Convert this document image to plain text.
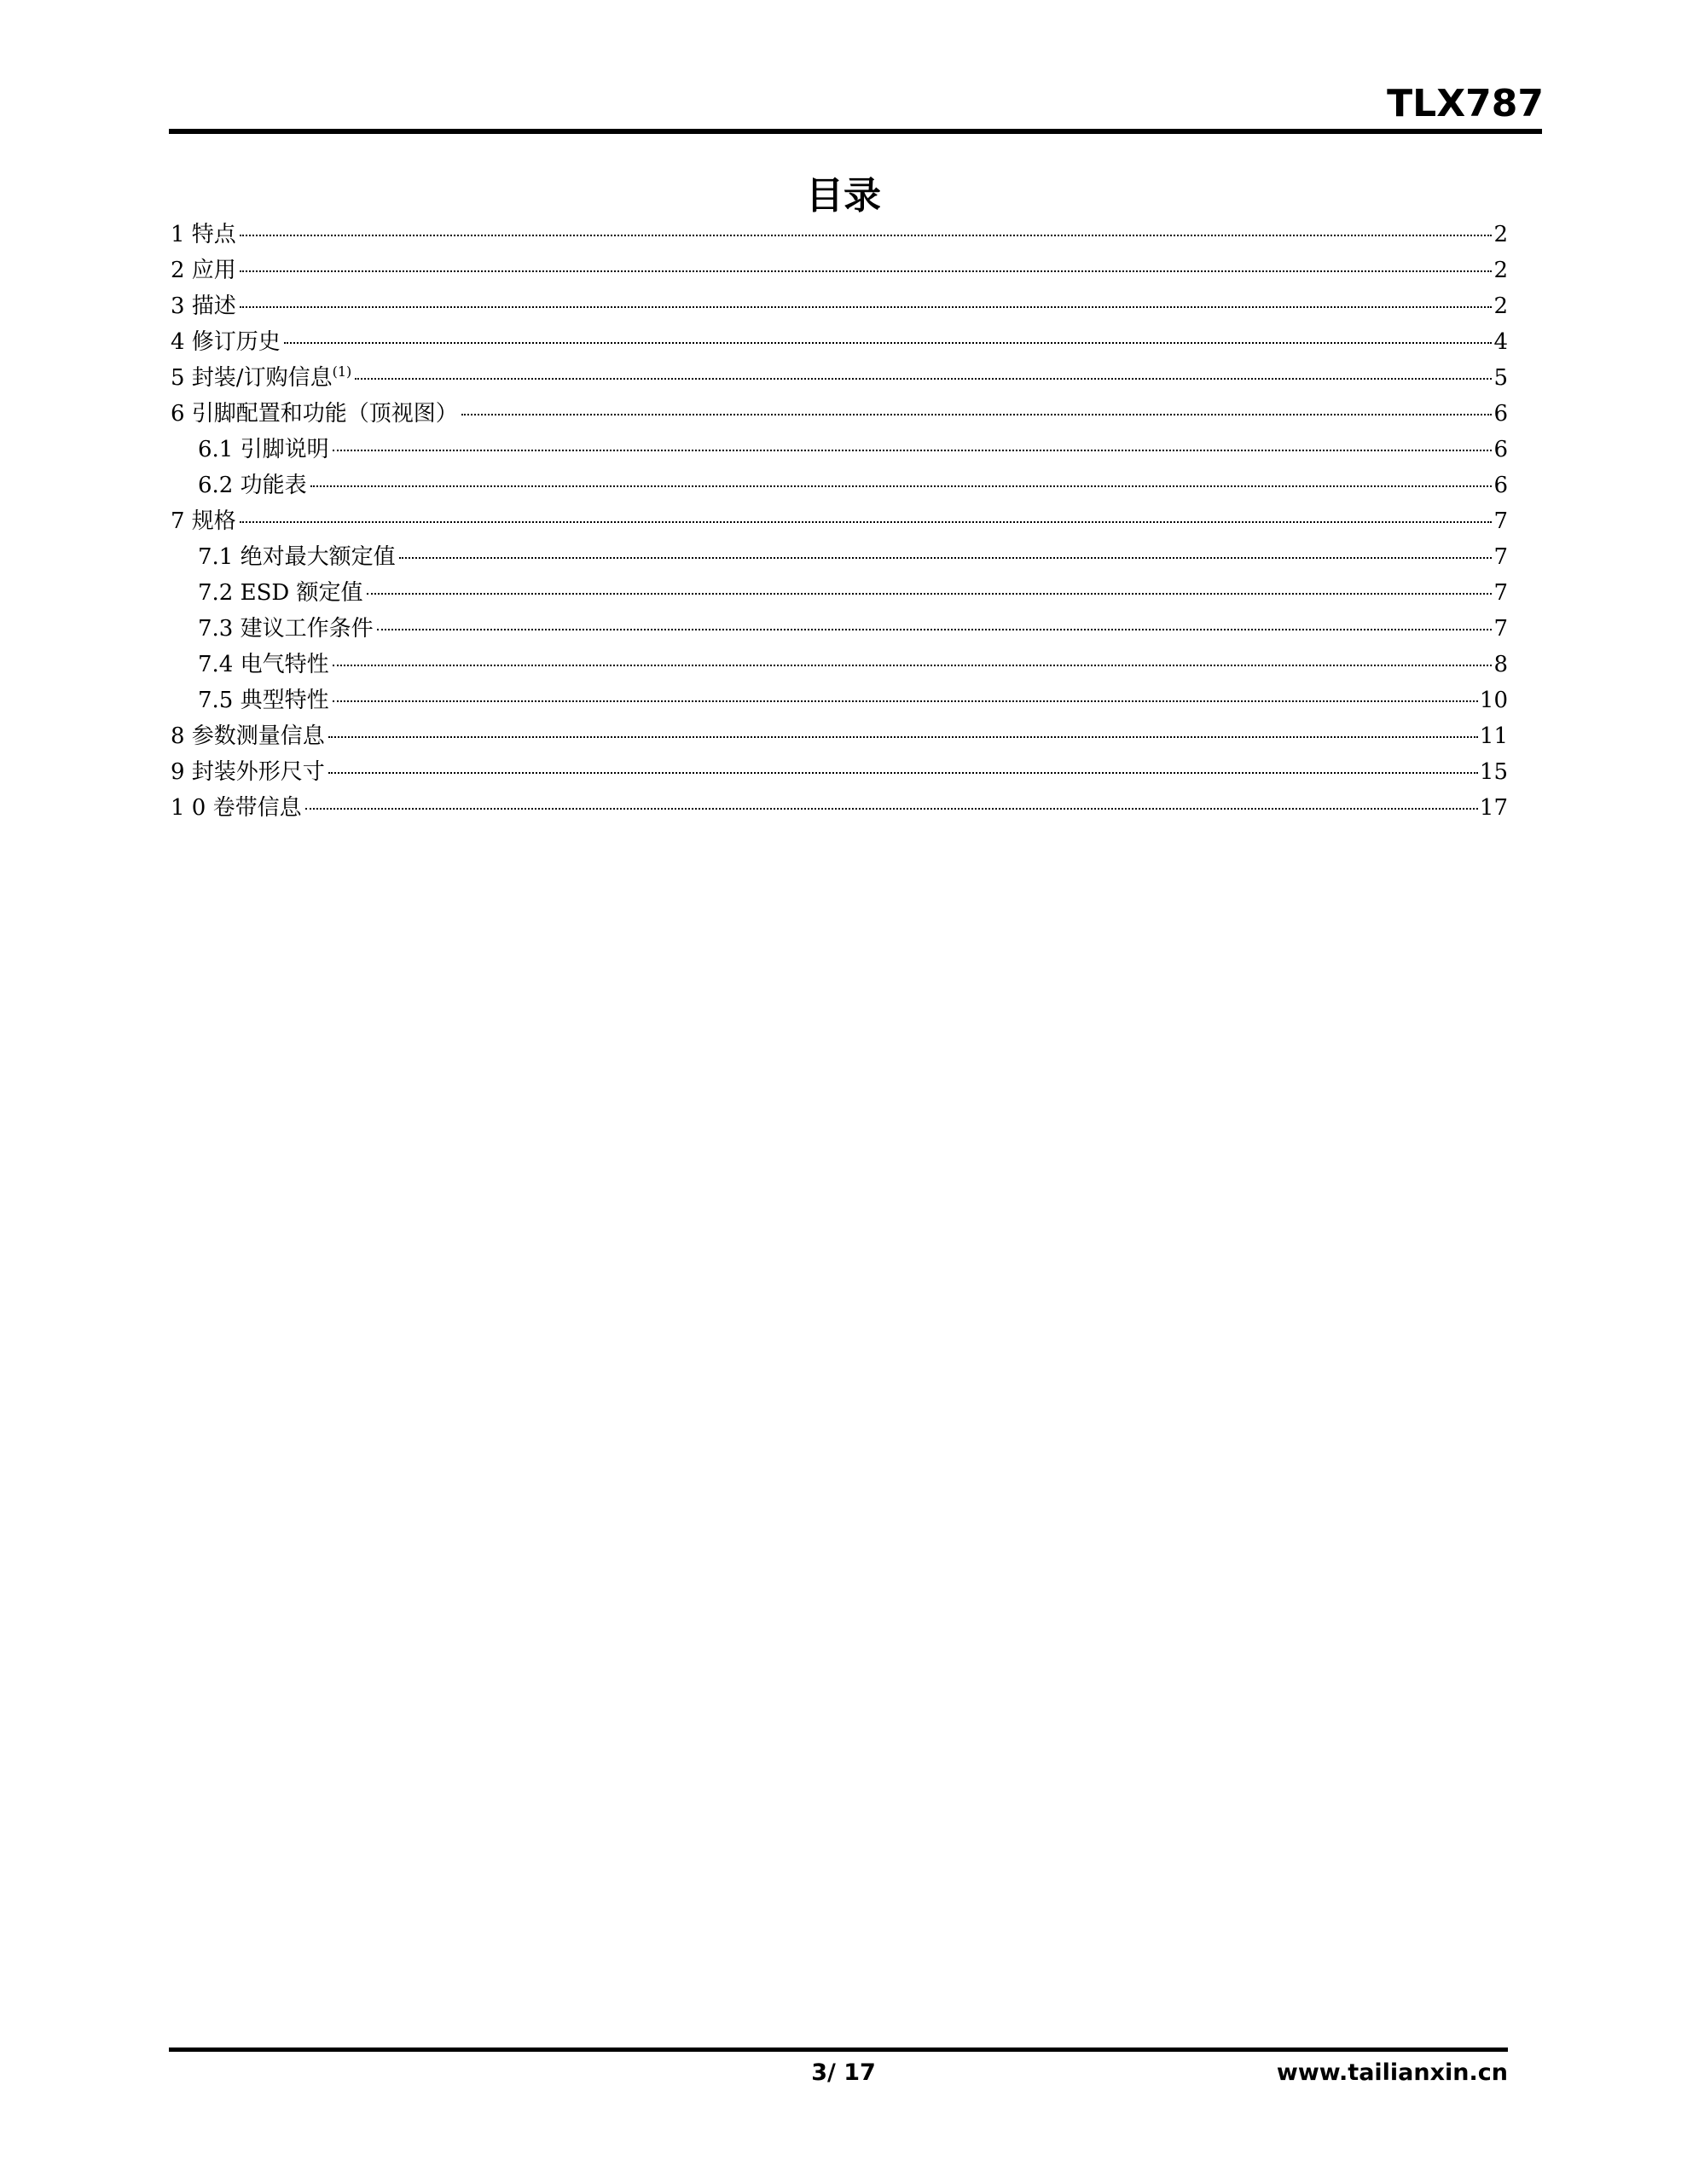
TLX787
目录
1 特点	2
2 应用	2
3 描述	2
4 修订历史	4
5 封装/订购信息$^{(1)}$	5
6 引脚配置和功能（顶视图）	6
6.1 引脚说明	6
6.2 功能表	6
7 规格	7
7.1 绝对最大额定值	7
7.2 ESD 额定值	7
7.3 建议工作条件	7
7.4 电气特性	8
7.5 典型特性	10
8 参数测量信息	11
9 封装外形尺寸	15
1 0 卷带信息	17
3/ 17	www.tailianxin.cn
